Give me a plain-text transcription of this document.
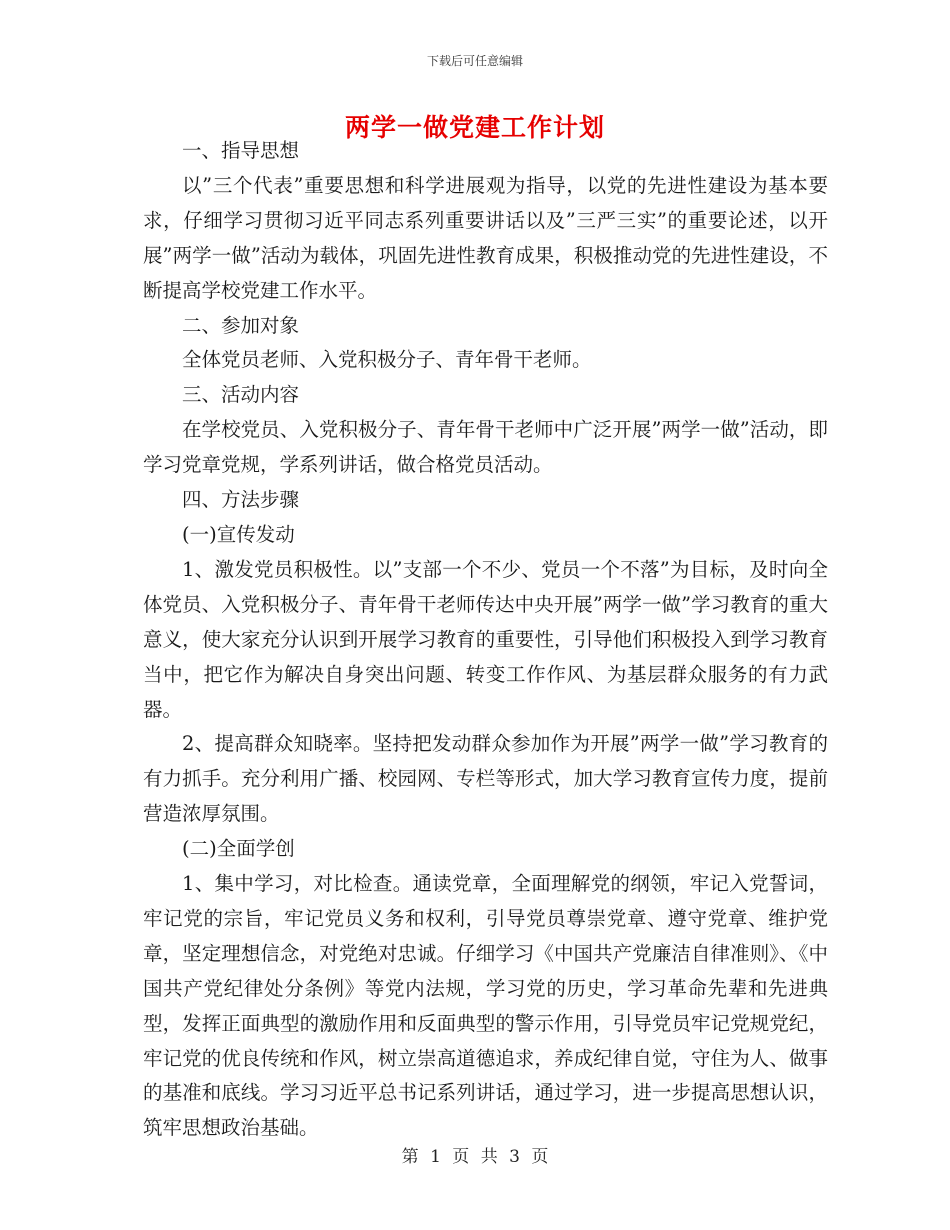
下载后可任意编辑
两学一做党建工作计划

一、指导思想

以”三个代表”重要思想和科学进展观为指导，以党的先进性建设为基本要求，仔细学习贯彻习近平同志系列重要讲话以及”三严三实”的重要论述，以开展”两学一做”活动为载体，巩固先进性教育成果，积极推动党的先进性建设，不断提高学校党建工作水平。

二、参加对象

全体党员老师、入党积极分子、青年骨干老师。

三、活动内容

在学校党员、入党积极分子、青年骨干老师中广泛开展”两学一做”活动，即学习党章党规，学系列讲话，做合格党员活动。

四、方法步骤

(一)宣传发动

1、激发党员积极性。以”支部一个不少、党员一个不落”为目标，及时向全体党员、入党积极分子、青年骨干老师传达中央开展”两学一做”学习教育的重大意义，使大家充分认识到开展学习教育的重要性，引导他们积极投入到学习教育当中，把它作为解决自身突出问题、转变工作作风、为基层群众服务的有力武器。

2、提高群众知晓率。坚持把发动群众参加作为开展”两学一做”学习教育的有力抓手。充分利用广播、校园网、专栏等形式，加大学习教育宣传力度，提前营造浓厚氛围。

(二)全面学创

1、集中学习，对比检查。通读党章，全面理解党的纲领，牢记入党誓词，牢记党的宗旨，牢记党员义务和权利，引导党员尊崇党章、遵守党章、维护党章，坚定理想信念，对党绝对忠诚。仔细学习《中国共产党廉洁自律准则》、《中国共产党纪律处分条例》等党内法规，学习党的历史，学习革命先辈和先进典型，发挥正面典型的激励作用和反面典型的警示作用，引导党员牢记党规党纪，牢记党的优良传统和作风，树立崇高道德追求，养成纪律自觉，守住为人、做事的基准和底线。学习习近平总书记系列讲话，通过学习，进一步提高思想认识，筑牢思想政治基础。

第 1 页 共 3 页
